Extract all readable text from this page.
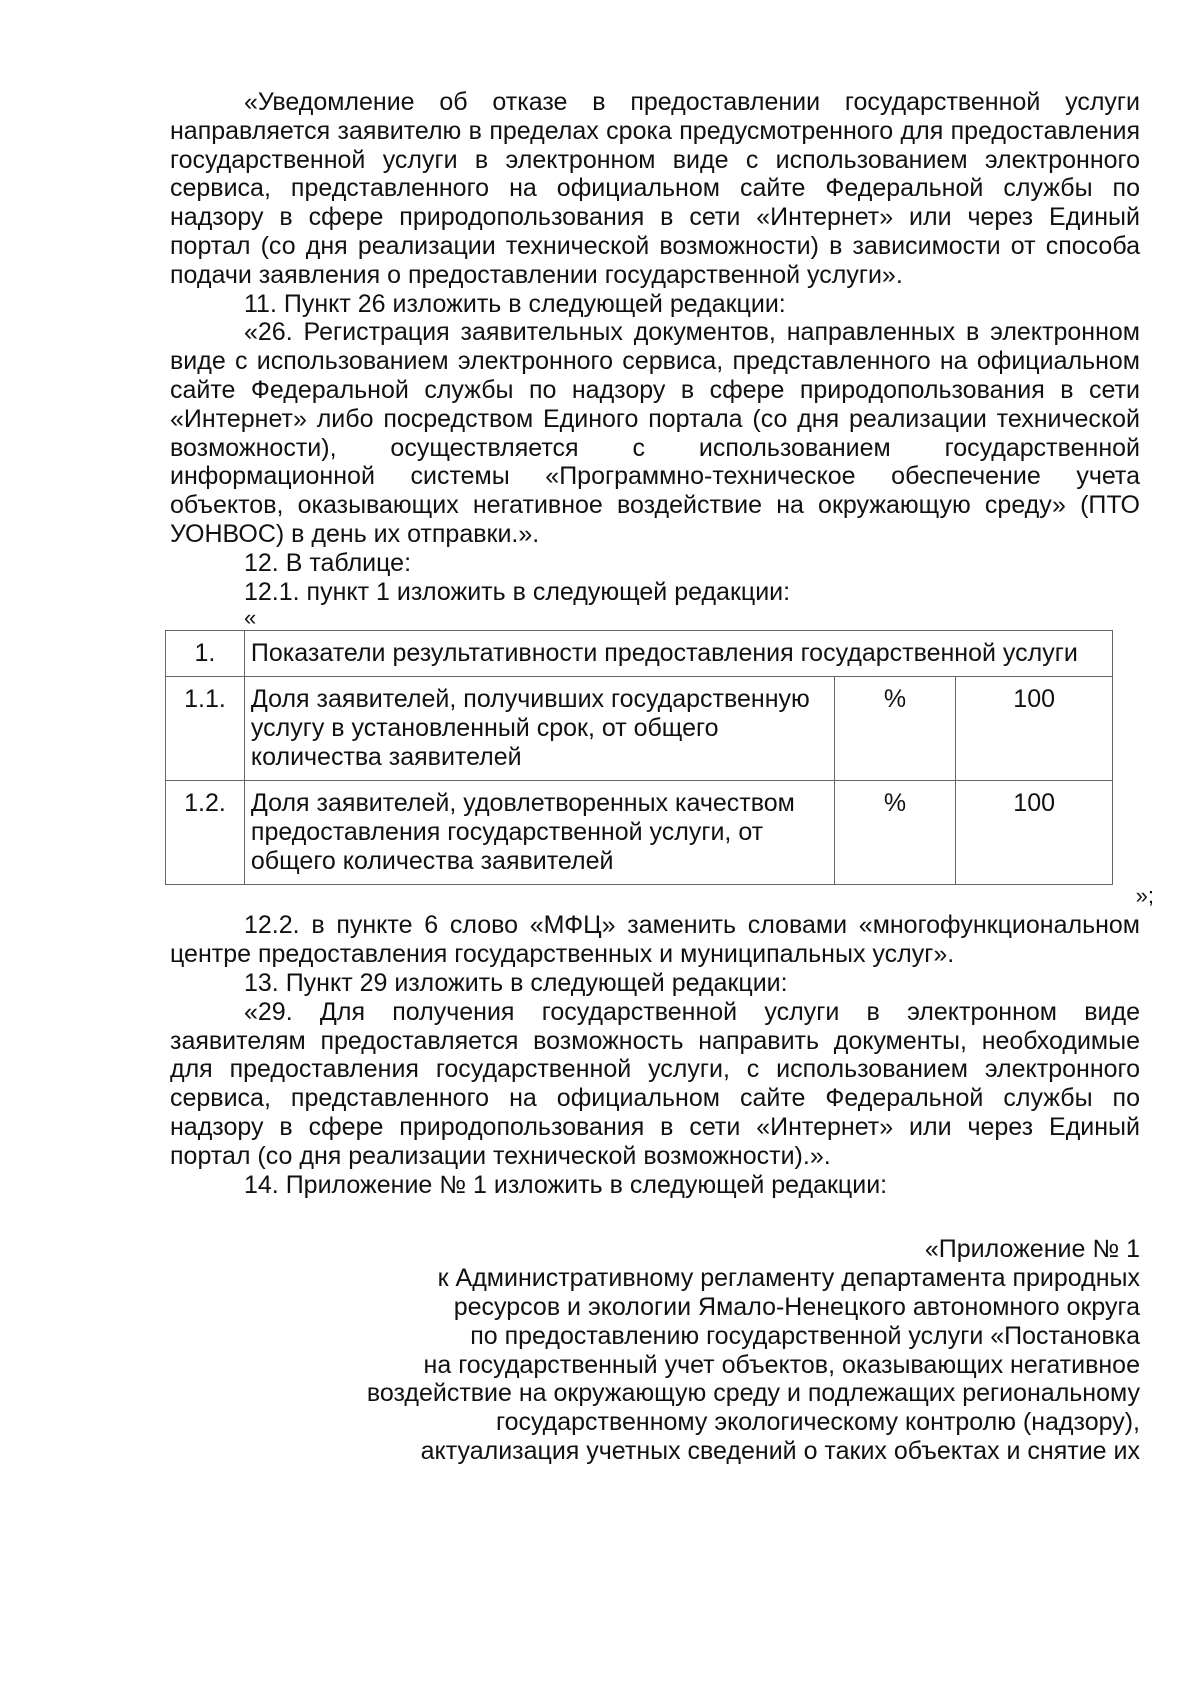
«Уведомление об отказе в предоставлении государственной услуги направляется заявителю в пределах срока предусмотренного для предоставления государственной услуги в электронном виде с использованием электронного сервиса, представленного на официальном сайте Федеральной службы по надзору в сфере природопользования в сети «Интернет» или через Единый портал (со дня реализации технической возможности) в зависимости от способа подачи заявления о предоставлении государственной услуги».

11. Пункт 26 изложить в следующей редакции:

«26. Регистрация заявительных документов, направленных в электронном виде с использованием электронного сервиса, представленного на официальном сайте Федеральной службы по надзору в сфере природопользования в сети «Интернет» либо посредством Единого портала (со дня реализации технической возможности), осуществляется с использованием государственной информационной системы «Программно-техническое обеспечение учета объектов, оказывающих негативное воздействие на окружающую среду» (ПТО УОНВОС) в день их отправки.».

12. В таблице:

12.1. пункт 1 изложить в следующей редакции:

«

1.	Показатели результативности предоставления государственной услуги		
1.1.	Доля заявителей, получивших государственную услугу в установленный срок, от общего количества заявителей	%	100
1.2.	Доля заявителей, удовлетворенных качеством предоставления государственной услуги, от общего количества заявителей	%	100

»;

12.2. в пункте 6 слово «МФЦ» заменить словами «многофункциональном центре предоставления государственных и муниципальных услуг».

13. Пункт 29 изложить в следующей редакции:

«29. Для получения государственной услуги в электронном виде заявителям предоставляется возможность направить документы, необходимые для предоставления государственной услуги, с использованием электронного сервиса, представленного на официальном сайте Федеральной службы по надзору в сфере природопользования в сети «Интернет» или через Единый портал (со дня реализации технической возможности).».

14. Приложение № 1 изложить в следующей редакции:

«Приложение № 1

к Административному регламенту департамента природных

ресурсов и экологии Ямало-Ненецкого автономного округа

по предоставлению государственной услуги «Постановка

на государственный учет объектов, оказывающих негативное

воздействие на окружающую среду и подлежащих региональному

государственному экологическому контролю (надзору),

актуализация учетных сведений о таких объектах и снятие их
